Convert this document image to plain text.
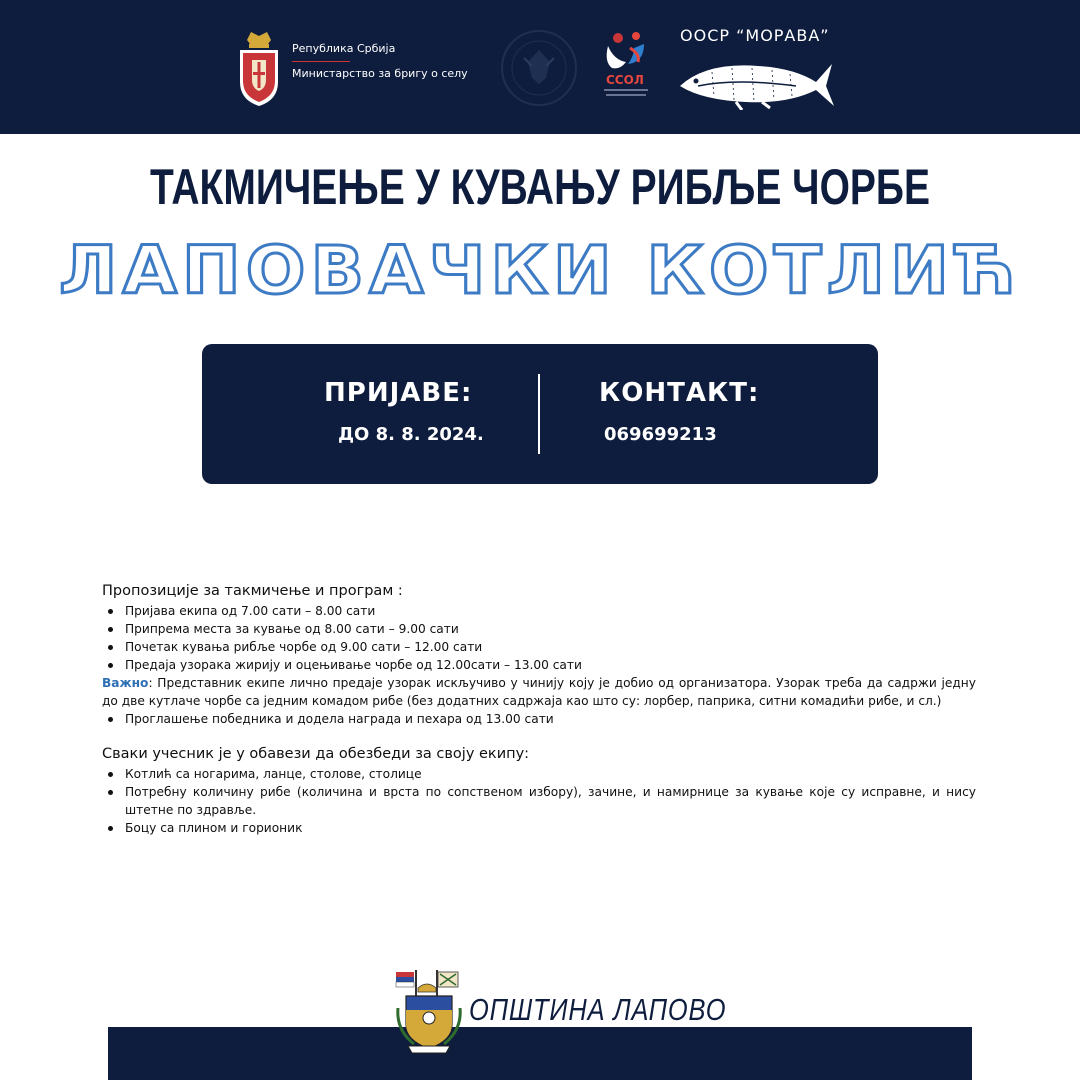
Република Србија
Министарство за бригу о селу	ССОЛ
ООСР “МОРАВА”
ТАКМИЧЕЊЕ У КУВАЊУ РИБЉЕ ЧОРБЕ
ЛАПОВАЧКИ КОТЛИЋ
ПРИЈАВЕ:
ДО 8. 8. 2024.
КОНТАКТ:
069699213
Пропозиције за такмичење и програм :
Пријава екипа од 7.00 сати – 8.00 сати
Припрема места за кување од 8.00 сати – 9.00 сати
Почетак кувања рибље чорбе од 9.00 сати – 12.00 сати
Предаја узорака жирију и оцењивање чорбе од 12.00сати – 13.00 сати
Важно: Представник екипе лично предаје узорак искључиво у чинију коју је добио од организатора. Узорак треба да садржи једну до две кутлаче чорбе са једним комадом рибе (без додатних садржаја као што су: лорбер, паприка, ситни комадићи рибе, и сл.)
Проглашење победника и додела награда и пехара од 13.00 сати
Сваки учесник је у обавези да обезбеди за своју екипу:
Котлић са ногарима, ланце, столове, столице
Потребну количину рибе (количина и врста по сопственом избору), зачине, и намирнице за кување које су исправне, и нису штетне по здравље.
Боцу са плином и горионик
ОПШТИНА ЛАПОВО
